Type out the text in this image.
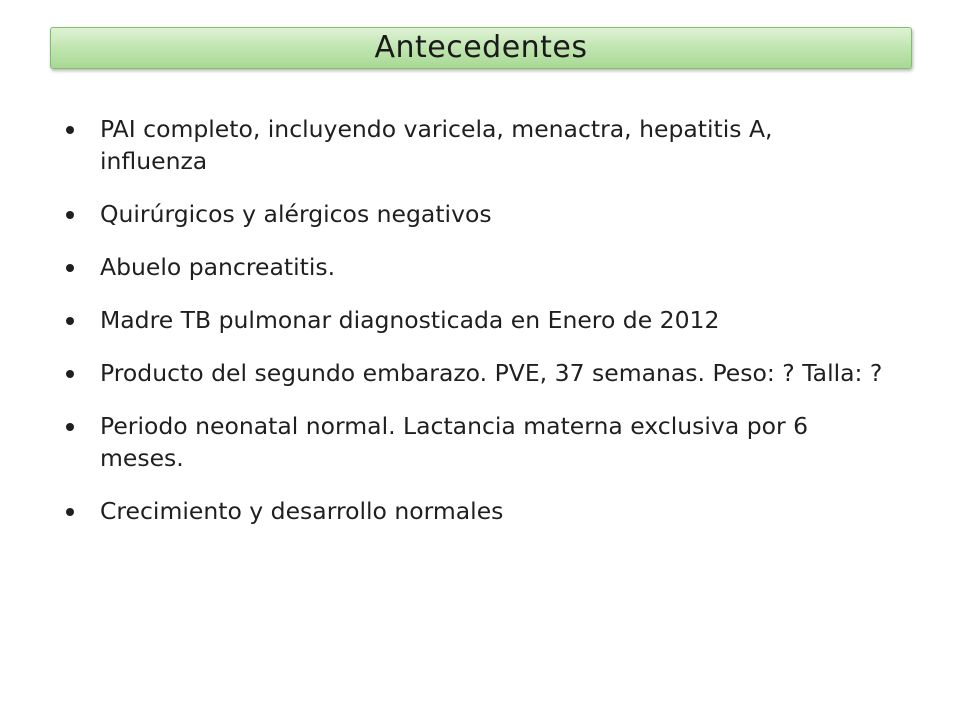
Antecedentes
PAI completo, incluyendo varicela, menactra, hepatitis A, influenza
Quirúrgicos y alérgicos negativos
Abuelo pancreatitis.
Madre TB pulmonar diagnosticada en Enero de 2012
Producto del segundo embarazo. PVE, 37 semanas. Peso: ? Talla: ?
Periodo neonatal normal. Lactancia materna exclusiva por 6 meses.
Crecimiento y desarrollo normales
